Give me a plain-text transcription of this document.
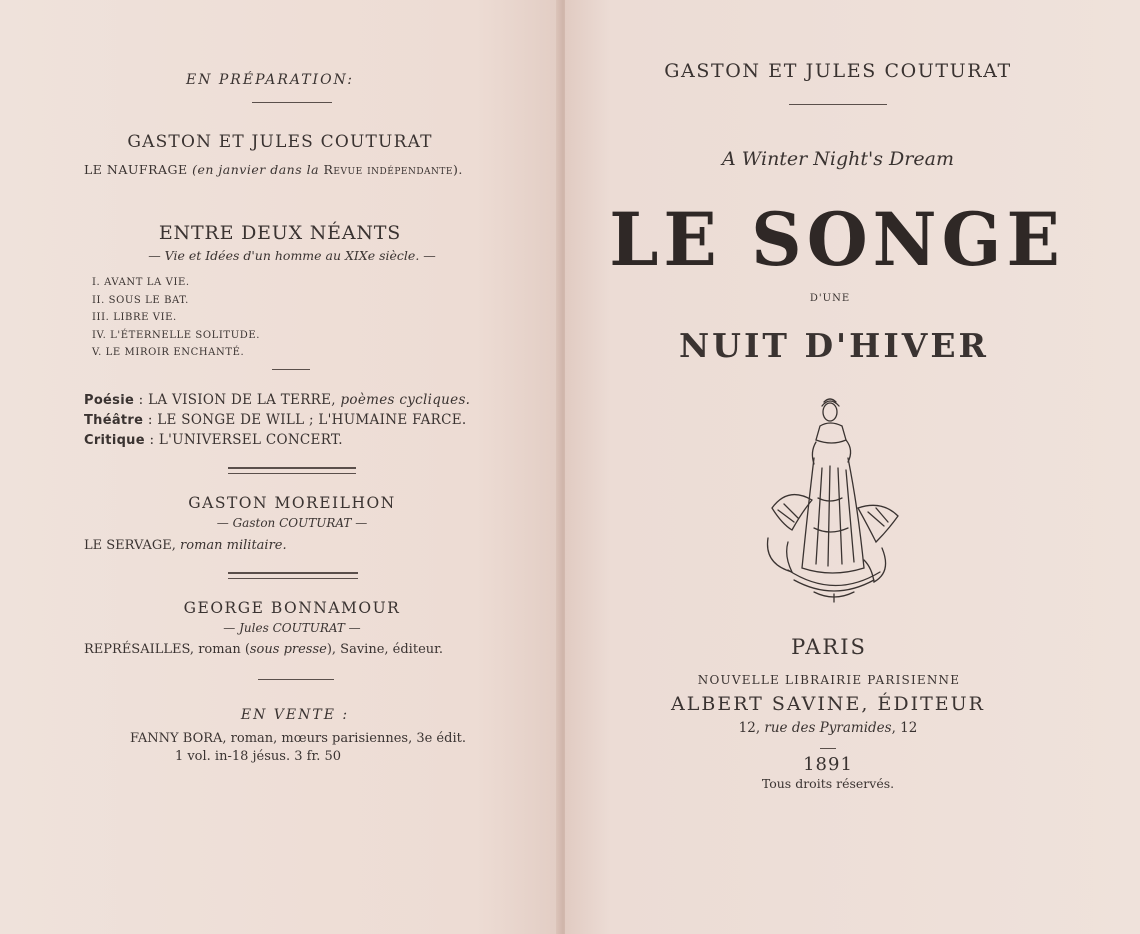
EN PRÉPARATION:
GASTON ET JULES COUTURAT
LE NAUFRAGE (en janvier dans la Revue indépendante).
ENTRE DEUX NÉANTS
— Vie et Idées d'un homme au XIXe siècle. —
I. AVANT LA VIE.
II. SOUS LE BAT.
III. LIBRE VIE.
IV. L'ÉTERNELLE SOLITUDE.
V. LE MIROIR ENCHANTÉ.
Poésie : LA VISION DE LA TERRE, poèmes cycliques.
Théâtre : LE SONGE DE WILL ; L'HUMAINE FARCE.
Critique : L'UNIVERSEL CONCERT.
GASTON MOREILHON
— Gaston COUTURAT —
LE SERVAGE, roman militaire.
GEORGE BONNAMOUR
— Jules COUTURAT —
REPRÉSAILLES, roman (sous presse), Savine, éditeur.
EN VENTE :
FANNY BORA, roman, mœurs parisiennes, 3e édit.
1 vol. in-18 jésus. 3 fr. 50
GASTON ET JULES COUTURAT
A Winter Night's Dream
LE SONGE
D'UNE
NUIT D'HIVER
PARIS
NOUVELLE LIBRAIRIE PARISIENNE
ALBERT SAVINE, ÉDITEUR
12, rue des Pyramides, 12
1891
Tous droits réservés.
